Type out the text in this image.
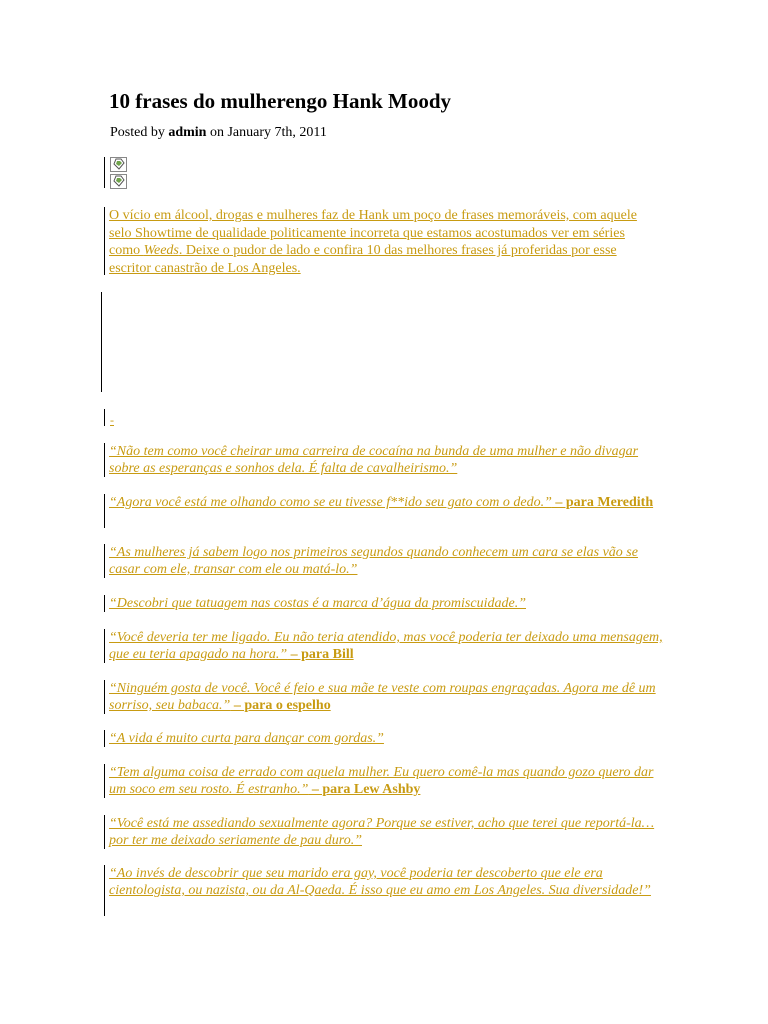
10 frases do mulherengo Hank Moody
Posted by admin on January 7th, 2011
O vício em álcool, drogas e mulheres faz de Hank um poço de frases memoráveis, com aquele selo Showtime de qualidade politicamente incorreta que estamos acostumados ver em séries como Weeds. Deixe o pudor de lado e confira 10 das melhores frases já proferidas por esse escritor canastrão de Los Angeles.
-
“Não tem como você cheirar uma carreira de cocaína na bunda de uma mulher e não divagar sobre as esperanças e sonhos dela. É falta de cavalheirismo.”
“Agora você está me olhando como se eu tivesse f**ido seu gato com o dedo.” – para Meredith
“As mulheres já sabem logo nos primeiros segundos quando conhecem um cara se elas vão se casar com ele, transar com ele ou matá-lo.”
“Descobri que tatuagem nas costas é a marca d’água da promiscuidade.”
“Você deveria ter me ligado. Eu não teria atendido, mas você poderia ter deixado uma mensagem, que eu teria apagado na hora.” – para Bill
“Ninguém gosta de você. Você é feio e sua mãe te veste com roupas engraçadas. Agora me dê um sorriso, seu babaca.” – para o espelho
“A vida é muito curta para dançar com gordas.”
“Tem alguma coisa de errado com aquela mulher. Eu quero comê-la mas quando gozo quero dar um soco em seu rosto. É estranho.” – para Lew Ashby
“Você está me assediando sexualmente agora? Porque se estiver, acho que terei que reportá-la… por ter me deixado seriamente de pau duro.”
“Ao invés de descobrir que seu marido era gay, você poderia ter descoberto que ele era cientologista, ou nazista, ou da Al-Qaeda. É isso que eu amo em Los Angeles. Sua diversidade!”
